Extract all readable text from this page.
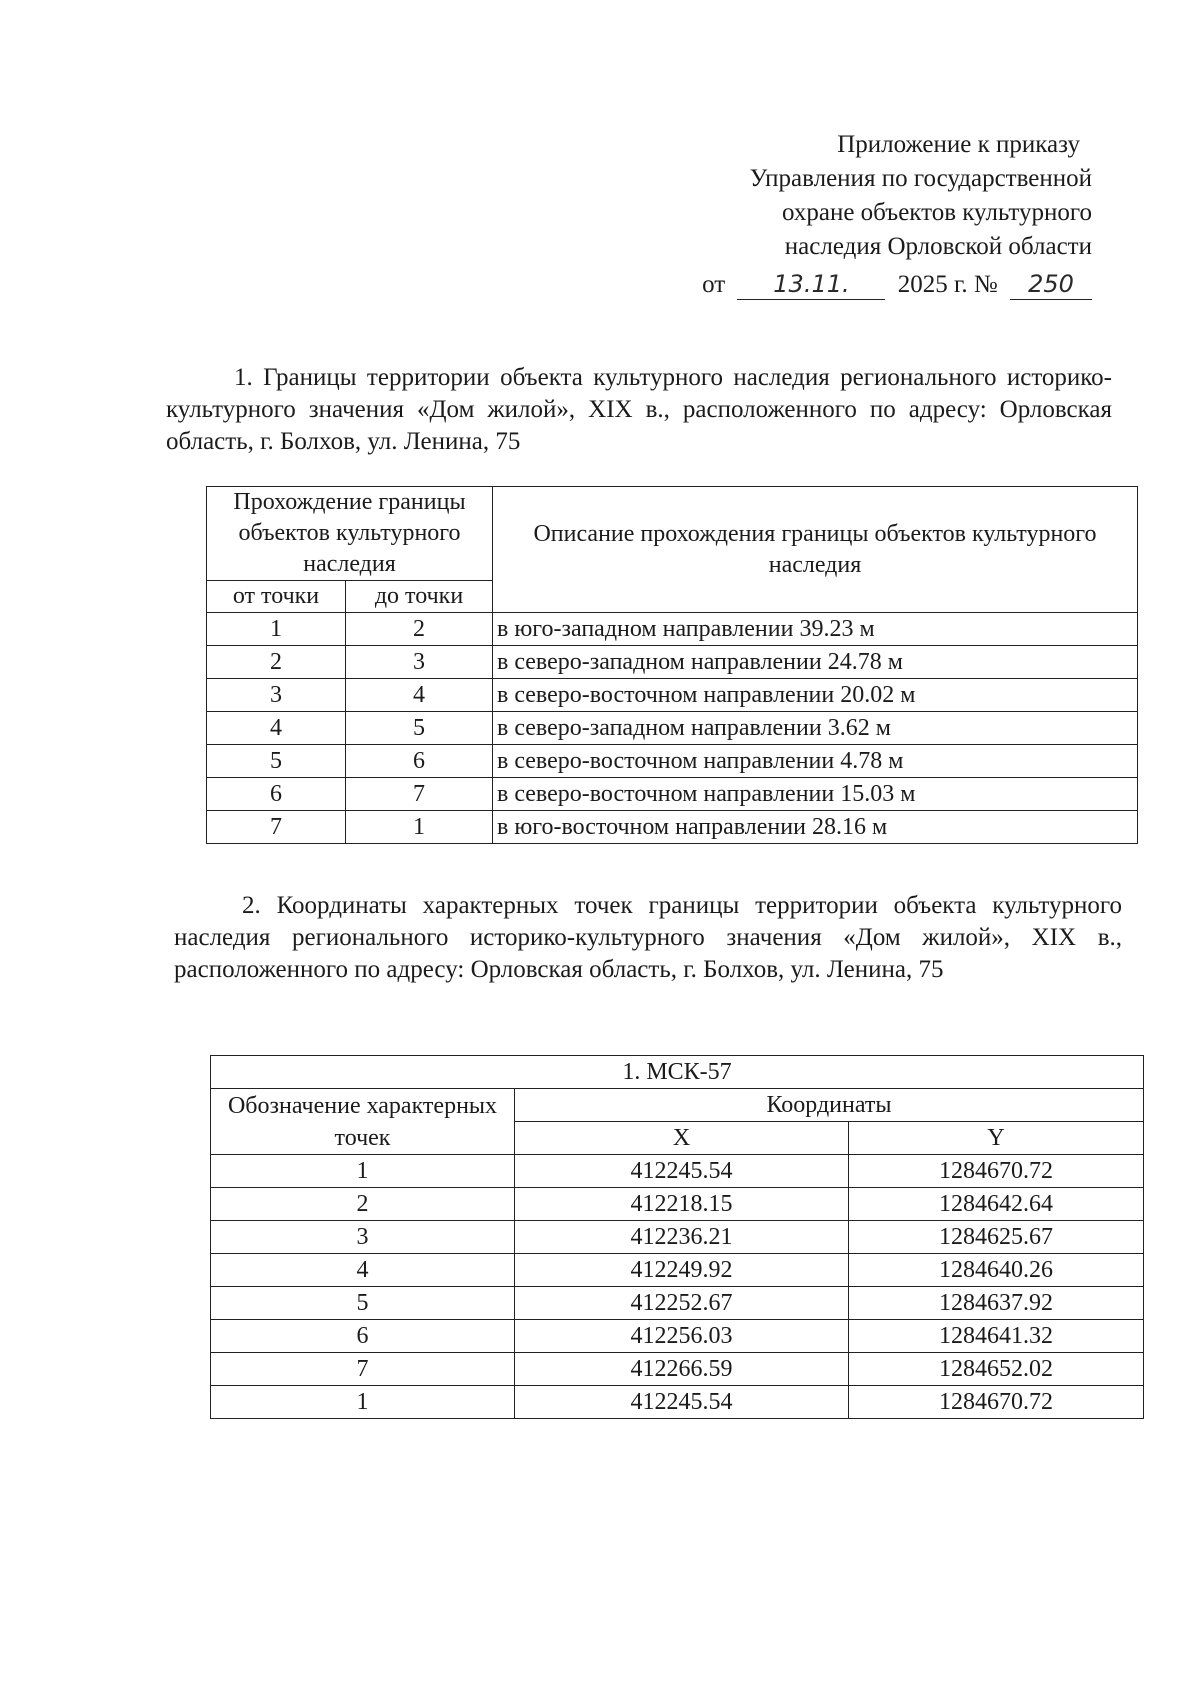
Приложение к приказу
Управления по государственной
охране объектов культурного
наследия Орловской области
от 13.11. 2025 г. № 250
1. Границы территории объекта культурного наследия регионального историко-культурного значения «Дом жилой», XIX в., расположенного по адресу: Орловская область, г. Болхов, ул. Ленина, 75
Прохождение границы объектов культурного наследия		Описание прохождения границы объектов культурного наследия
от точки	до точки	
1	2	в юго-западном направлении 39.23 м
2	3	в северо-западном направлении 24.78 м
3	4	в северо-восточном направлении 20.02 м
4	5	в северо-западном направлении 3.62 м
5	6	в северо-восточном направлении 4.78 м
6	7	в северо-восточном направлении 15.03 м
7	1	в юго-восточном направлении 28.16 м
2. Координаты характерных точек границы территории объекта культурного наследия регионального историко-культурного значения «Дом жилой», XIX в., расположенного по адресу: Орловская область, г. Болхов, ул. Ленина, 75
1. МСК-57		
Обозначение характерных точек	Координаты	
	X	Y
1	412245.54	1284670.72
2	412218.15	1284642.64
3	412236.21	1284625.67
4	412249.92	1284640.26
5	412252.67	1284637.92
6	412256.03	1284641.32
7	412266.59	1284652.02
1	412245.54	1284670.72
